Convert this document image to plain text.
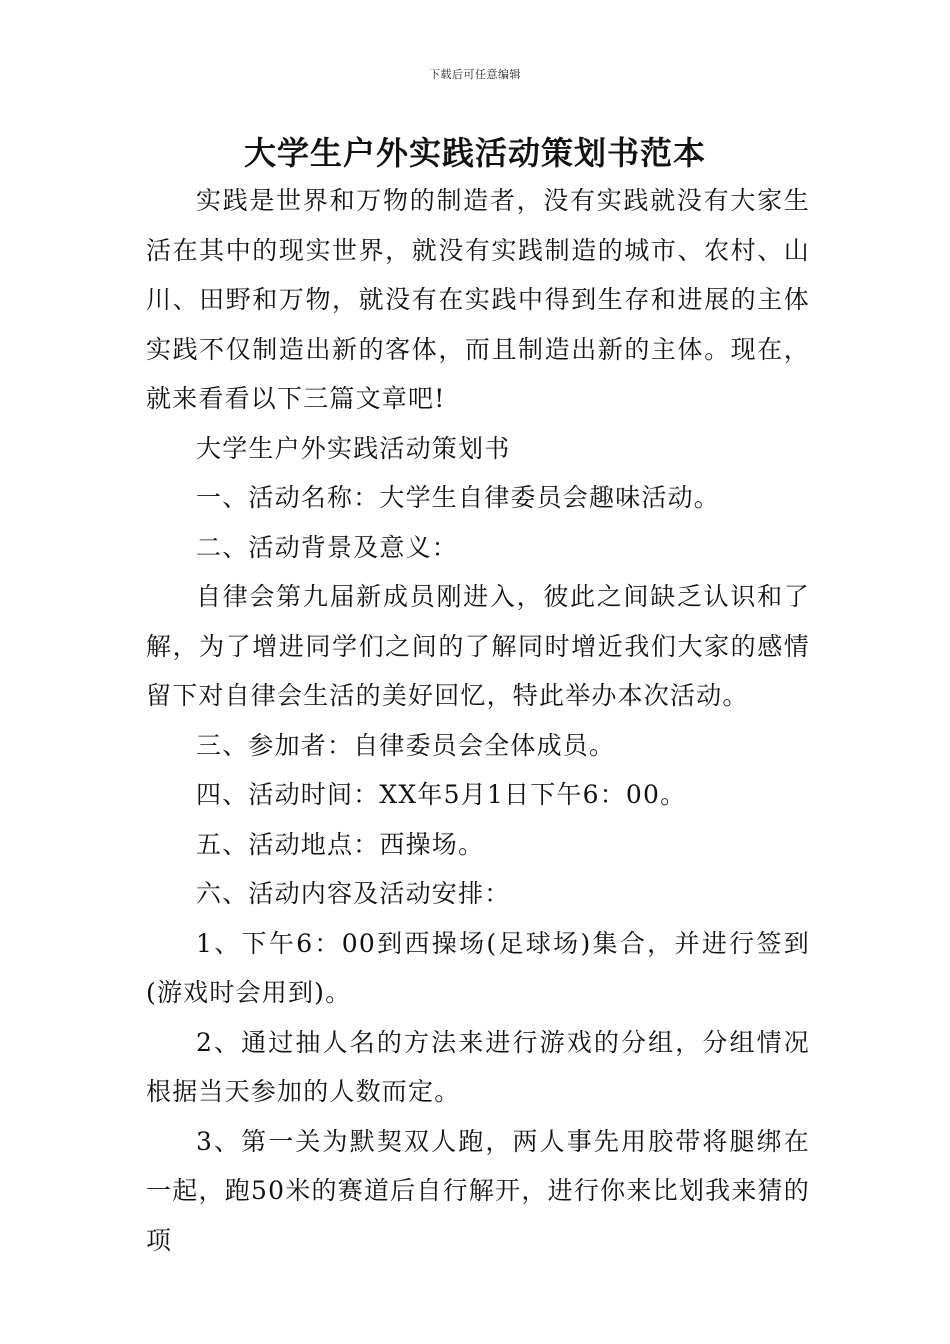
下载后可任意编辑
大学生户外实践活动策划书范本

实践是世界和万物的制造者，没有实践就没有大家生活在其中的现实世界，就没有实践制造的城市、农村、山川、田野和万物，就没有在实践中得到生存和进展的主体实践不仅制造出新的客体，而且制造出新的主体。现在，就来看看以下三篇文章吧!

大学生户外实践活动策划书

一、活动名称：大学生自律委员会趣味活动。

二、活动背景及意义：

自律会第九届新成员刚进入，彼此之间缺乏认识和了解，为了增进同学们之间的了解同时增近我们大家的感情留下对自律会生活的美好回忆，特此举办本次活动。

三、参加者：自律委员会全体成员。

四、活动时间：XX年5月1日下午6：00。

五、活动地点：西操场。

六、活动内容及活动安排：

1、下午6：00到西操场(足球场)集合，并进行签到(游戏时会用到)。

2、通过抽人名的方法来进行游戏的分组，分组情况根据当天参加的人数而定。

3、第一关为默契双人跑，两人事先用胶带将腿绑在一起，跑50米的赛道后自行解开，进行你来比划我来猜的项
